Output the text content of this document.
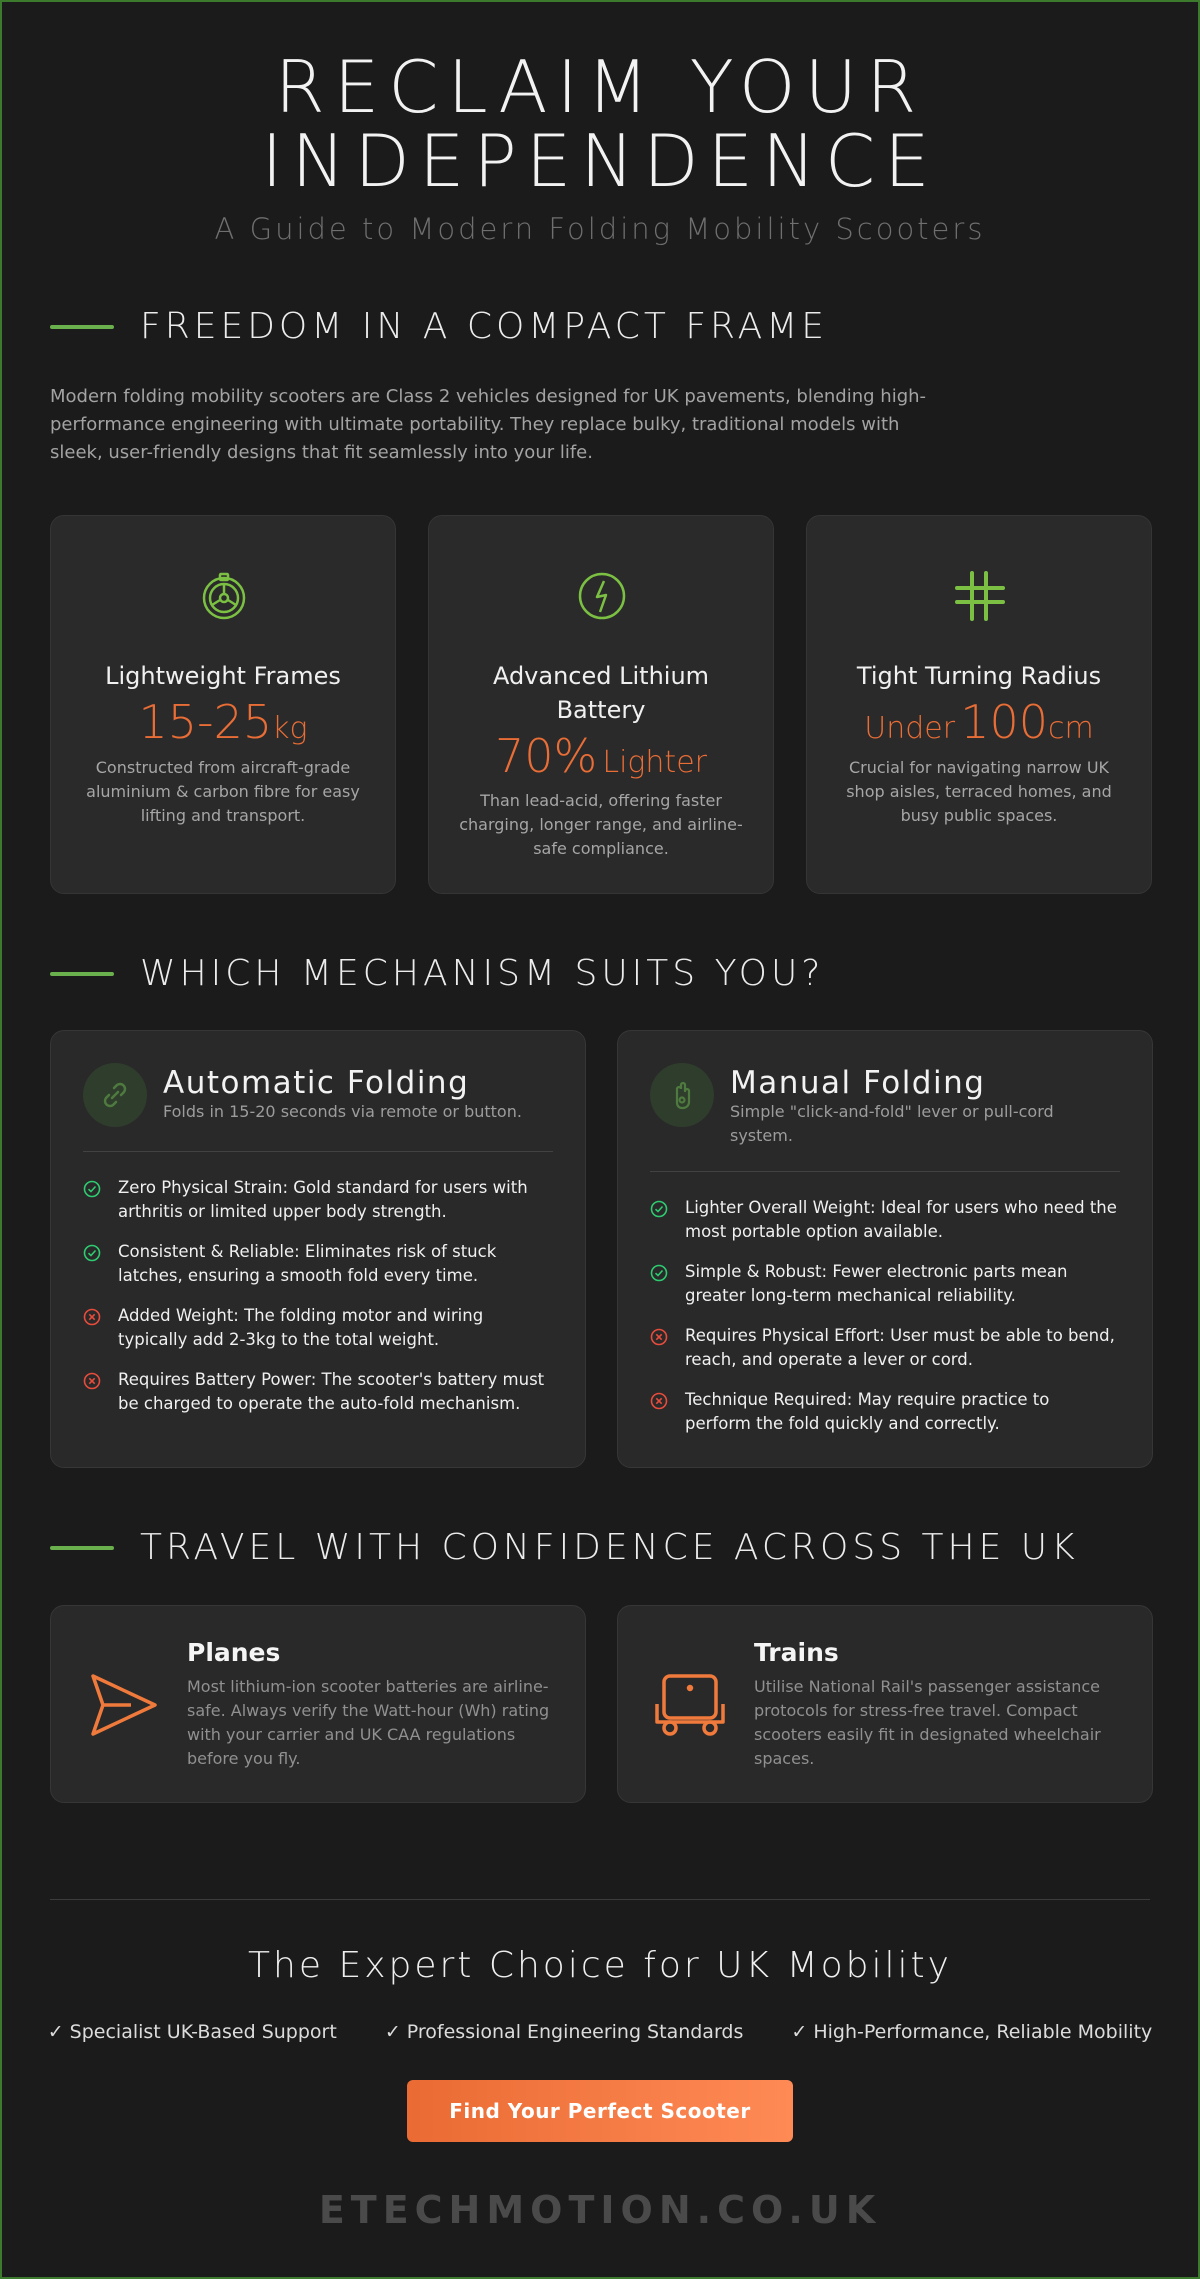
RECLAIM YOUR
INDEPENDENCE
A Guide to Modern Folding Mobility Scooters
FREEDOM IN A COMPACT FRAME

Modern folding mobility scooters are Class 2 vehicles designed for UK pavements, blending high-performance engineering with ultimate portability. They replace bulky, traditional models with sleek, user-friendly designs that fit seamlessly into your life.

Lightweight Frames
15-25kg
Constructed from aircraft-grade aluminium & carbon fibre for easy lifting and transport.
Advanced Lithium Battery
70% Lighter
Than lead-acid, offering faster charging, longer range, and airline-safe compliance.
Tight Turning Radius
Under 100cm
Crucial for navigating narrow UK shop aisles, terraced homes, and busy public spaces.
WHICH MECHANISM SUITS YOU?
Automatic Folding
Folds in 15-20 seconds via remote or button.
Zero Physical Strain: Gold standard for users with arthritis or limited upper body strength.
Consistent & Reliable: Eliminates risk of stuck latches, ensuring a smooth fold every time.
Added Weight: The folding motor and wiring typically add 2-3kg to the total weight.
Requires Battery Power: The scooter's battery must be charged to operate the auto-fold mechanism.
Manual Folding
Simple "click-and-fold" lever or pull-cord system.
Lighter Overall Weight: Ideal for users who need the most portable option available.
Simple & Robust: Fewer electronic parts mean greater long-term mechanical reliability.
Requires Physical Effort: User must be able to bend, reach, and operate a lever or cord.
Technique Required: May require practice to perform the fold quickly and correctly.
TRAVEL WITH CONFIDENCE ACROSS THE UK
Planes
Most lithium-ion scooter batteries are airline-safe. Always verify the Watt-hour (Wh) rating with your carrier and UK CAA regulations before you fly.
Trains
Utilise National Rail's passenger assistance protocols for stress-free travel. Compact scooters easily fit in designated wheelchair spaces.
The Expert Choice for UK Mobility
✓ Specialist UK-Based Support	✓ Professional Engineering Standards	✓ High-Performance, Reliable Mobility
Find Your Perfect Scooter
ETECHMOTION.CO.UK
